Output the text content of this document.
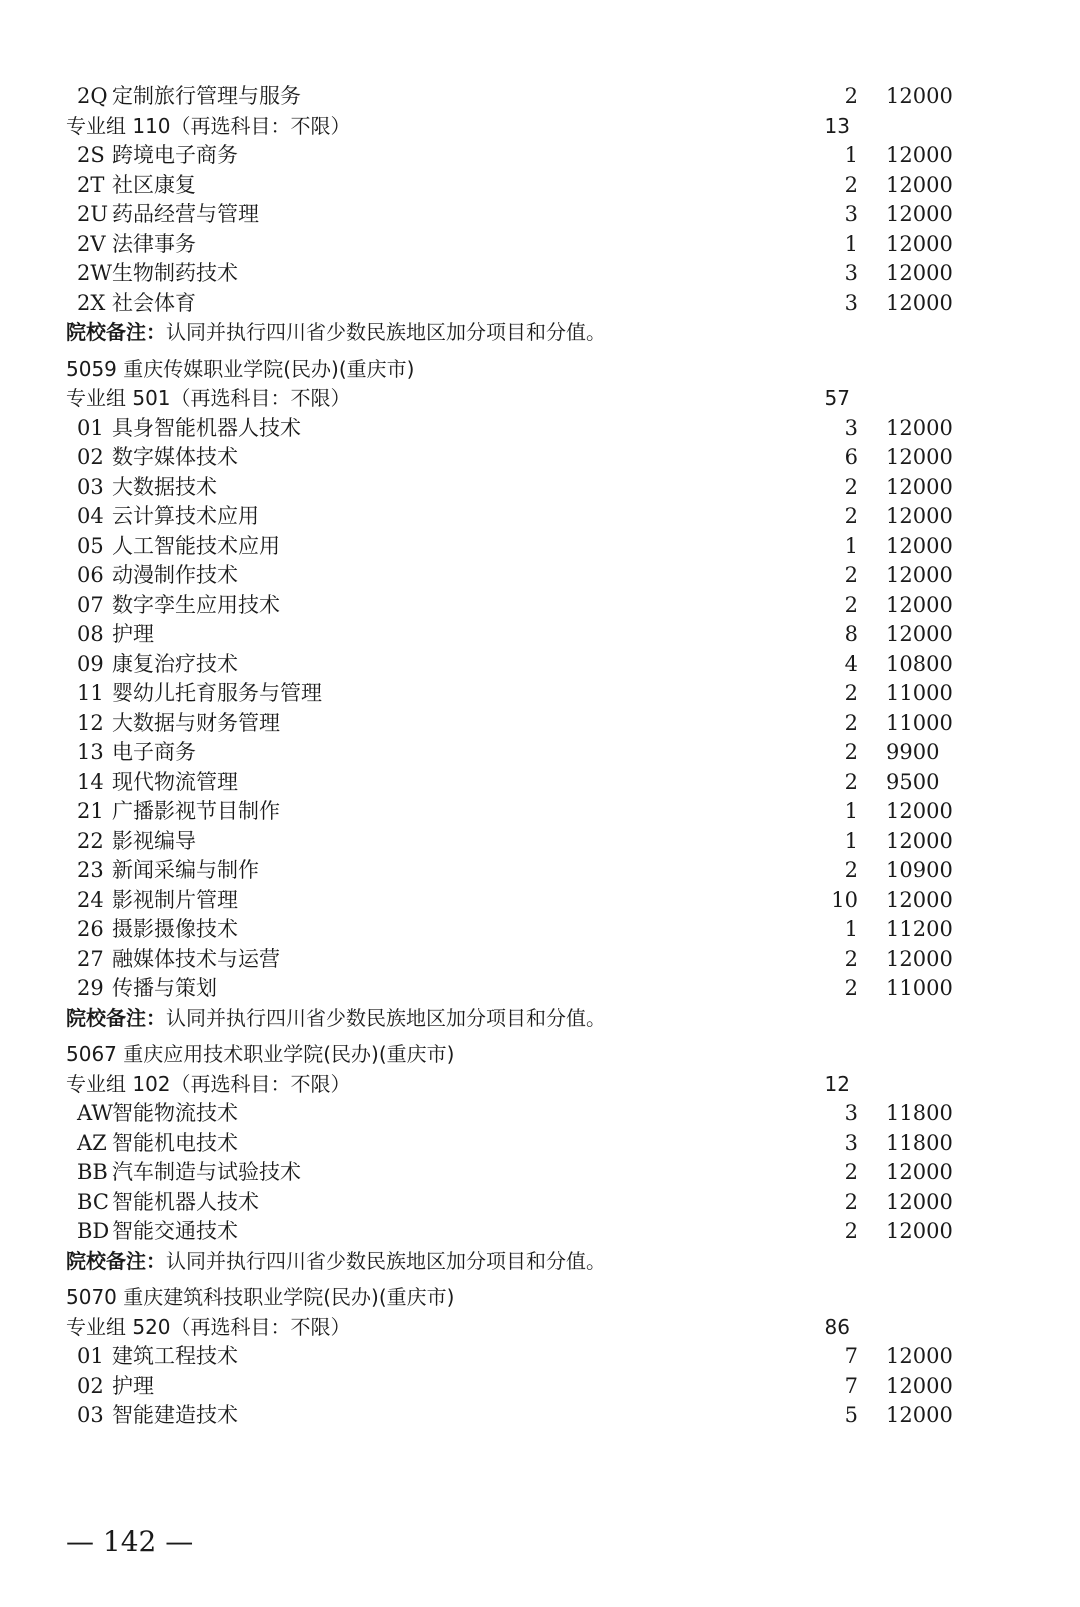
2Q 定制旅行管理与服务	2 12000
专业组 110（再选科目：不限）	13
2S 跨境电子商务	1 12000
2T 社区康复	2 12000
2U 药品经营与管理	3 12000
2V 法律事务	1 12000
2W 生物制药技术	3 12000
2X 社会体育	3 12000
院校备注：认同并执行四川省少数民族地区加分项目和分值。
5059 重庆传媒职业学院(民办)(重庆市)
专业组 501（再选科目：不限）	57
01 具身智能机器人技术	3 12000
02 数字媒体技术	6 12000
03 大数据技术	2 12000
04 云计算技术应用	2 12000
05 人工智能技术应用	1 12000
06 动漫制作技术	2 12000
07 数字孪生应用技术	2 12000
08 护理	8 12000
09 康复治疗技术	4 10800
11 婴幼儿托育服务与管理	2 11000
12 大数据与财务管理	2 11000
13 电子商务	2 9900
14 现代物流管理	2 9500
21 广播影视节目制作	1 12000
22 影视编导	1 12000
23 新闻采编与制作	2 10900
24 影视制片管理	10 12000
26 摄影摄像技术	1 11200
27 融媒体技术与运营	2 12000
29 传播与策划	2 11000
院校备注：认同并执行四川省少数民族地区加分项目和分值。
5067 重庆应用技术职业学院(民办)(重庆市)
专业组 102（再选科目：不限）	12
AW 智能物流技术	3 11800
AZ 智能机电技术	3 11800
BB 汽车制造与试验技术	2 12000
BC 智能机器人技术	2 12000
BD 智能交通技术	2 12000
院校备注：认同并执行四川省少数民族地区加分项目和分值。
5070 重庆建筑科技职业学院(民办)(重庆市)
专业组 520（再选科目：不限）	86
01 建筑工程技术	7 12000
02 护理	7 12000
03 智能建造技术	5 12000
— 142 —
